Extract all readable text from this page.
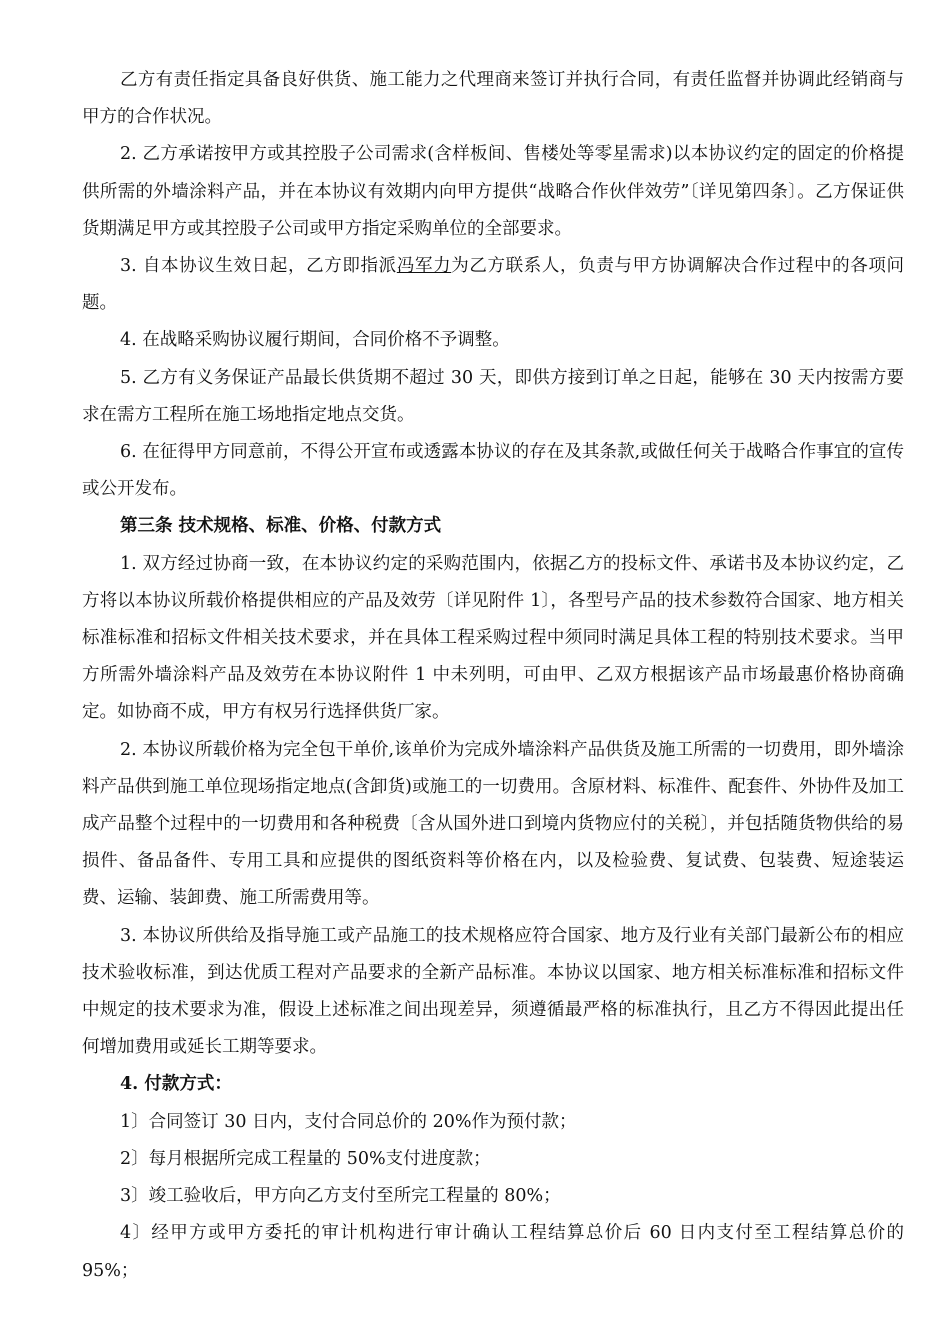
乙方有责任指定具备良好供货、施工能力之代理商来签订并执行合同，有责任监督并协调此经销商与甲方的合作状况。

2. 乙方承诺按甲方或其控股子公司需求(含样板间、售楼处等零星需求)以本协议约定的固定的价格提供所需的外墙涂料产品，并在本协议有效期内向甲方提供“战略合作伙伴效劳”〔详见第四条〕。乙方保证供货期满足甲方或其控股子公司或甲方指定采购单位的全部要求。

3. 自本协议生效日起，乙方即指派冯军力为乙方联系人，负责与甲方协调解决合作过程中的各项问题。

4. 在战略采购协议履行期间，合同价格不予调整。

5. 乙方有义务保证产品最长供货期不超过 30 天，即供方接到订单之日起，能够在 30 天内按需方要求在需方工程所在施工场地指定地点交货。

6. 在征得甲方同意前，不得公开宣布或透露本协议的存在及其条款,或做任何关于战略合作事宜的宣传或公开发布。

第三条 技术规格、标准、价格、付款方式

1. 双方经过协商一致，在本协议约定的采购范围内，依据乙方的投标文件、承诺书及本协议约定，乙方将以本协议所载价格提供相应的产品及效劳〔详见附件 1〕，各型号产品的技术参数符合国家、地方相关标准标准和招标文件相关技术要求，并在具体工程采购过程中须同时满足具体工程的特别技术要求。当甲方所需外墙涂料产品及效劳在本协议附件 1 中未列明，可由甲、乙双方根据该产品市场最惠价格协商确定。如协商不成，甲方有权另行选择供货厂家。

2. 本协议所载价格为完全包干单价,该单价为完成外墙涂料产品供货及施工所需的一切费用，即外墙涂料产品供到施工单位现场指定地点(含卸货)或施工的一切费用。含原材料、标准件、配套件、外协件及加工成产品整个过程中的一切费用和各种税费〔含从国外进口到境内货物应付的关税〕，并包括随货物供给的易损件、备品备件、专用工具和应提供的图纸资料等价格在内，以及检验费、复试费、包装费、短途装运费、运输、装卸费、施工所需费用等。

3. 本协议所供给及指导施工或产品施工的技术规格应符合国家、地方及行业有关部门最新公布的相应技术验收标准，到达优质工程对产品要求的全新产品标准。本协议以国家、地方相关标准标准和招标文件中规定的技术要求为准，假设上述标准之间出现差异，须遵循最严格的标准执行，且乙方不得因此提出任何增加费用或延长工期等要求。

4. 付款方式：

1〕合同签订 30 日内，支付合同总价的 20%作为预付款；

2〕每月根据所完成工程量的 50%支付进度款；

3〕竣工验收后，甲方向乙方支付至所完工程量的 80%；

4〕经甲方或甲方委托的审计机构进行审计确认工程结算总价后 60 日内支付至工程结算总价的 95%；
